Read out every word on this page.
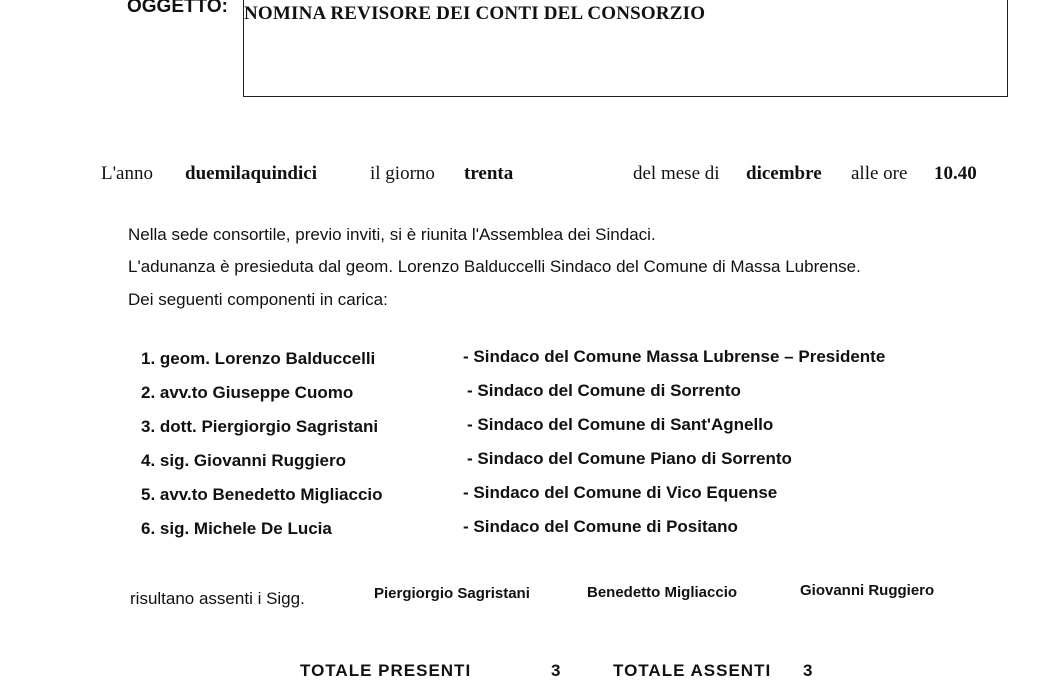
OGGETTO: NOMINA REVISORE DEI CONTI DEL CONSORZIO
L'anno duemilaquindici	il giorno trenta	del mese di dicembre alle ore 10.40
Nella sede consortile, previo inviti, si è riunita l'Assemblea dei Sindaci.
L'adunanza è presieduta dal geom. Lorenzo Balduccelli Sindaco del Comune di Massa Lubrense.
Dei seguenti componenti in carica:
1. geom. Lorenzo Balduccelli	- Sindaco del Comune Massa Lubrense – Presidente
2. avv.to Giuseppe Cuomo	- Sindaco del Comune di Sorrento
3. dott. Piergiorgio Sagristani	- Sindaco del Comune di Sant'Agnello
4. sig. Giovanni Ruggiero	- Sindaco del Comune Piano di Sorrento
5. avv.to Benedetto Migliaccio	- Sindaco del Comune di Vico Equense
6. sig. Michele De Lucia	- Sindaco del Comune di Positano
risultano assenti i Sigg.	Piergiorgio Sagristani	Benedetto Migliaccio	Giovanni Ruggiero
TOTALE PRESENTI	3	TOTALE ASSENTI 3
